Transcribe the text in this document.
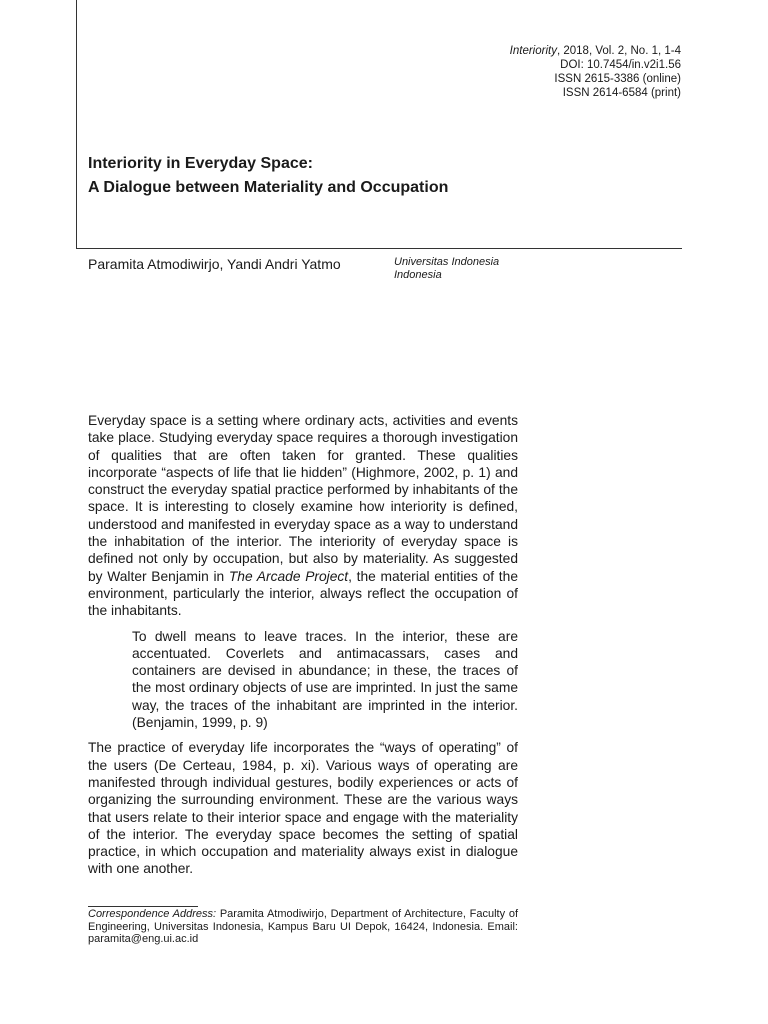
Interiority, 2018, Vol. 2, No. 1, 1-4
DOI: 10.7454/in.v2i1.56
ISSN 2615-3386 (online)
ISSN 2614-6584 (print)
Interiority in Everyday Space:
A Dialogue between Materiality and Occupation
Paramita Atmodiwirjo, Yandi Andri Yatmo	Universitas Indonesia
Indonesia

Everyday space is a setting where ordinary acts, activities and events take place. Studying everyday space requires a thorough investigation of qualities that are often taken for granted. These qualities incorporate “aspects of life that lie hidden” (Highmore, 2002, p. 1) and construct the everyday spatial practice performed by inhabitants of the space. It is interesting to closely examine how interiority is defined, understood and manifested in everyday space as a way to understand the inhabitation of the interior. The interiority of everyday space is defined not only by occupation, but also by materiality. As suggested by Walter Benjamin in The Arcade Project, the material entities of the environment, particularly the interior, always reflect the occupation of the inhabitants.

To dwell means to leave traces. In the interior, these are accentuated. Coverlets and antimacassars, cases and containers are devised in abundance; in these, the traces of the most ordinary objects of use are imprinted. In just the same way, the traces of the inhabitant are imprinted in the interior. (Benjamin, 1999, p. 9)

The practice of everyday life incorporates the “ways of operating” of the users (De Certeau, 1984, p. xi). Various ways of operating are manifested through individual gestures, bodily experiences or acts of organizing the surrounding environment. These are the various ways that users relate to their interior space and engage with the materiality of the interior. The everyday space becomes the setting of spatial practice, in which occupation and materiality always exist in dialogue with one another.

Correspondence Address: Paramita Atmodiwirjo, Department of Architecture, Faculty of Engineering, Universitas Indonesia, Kampus Baru UI Depok, 16424, Indonesia. Email: paramita@eng.ui.ac.id
